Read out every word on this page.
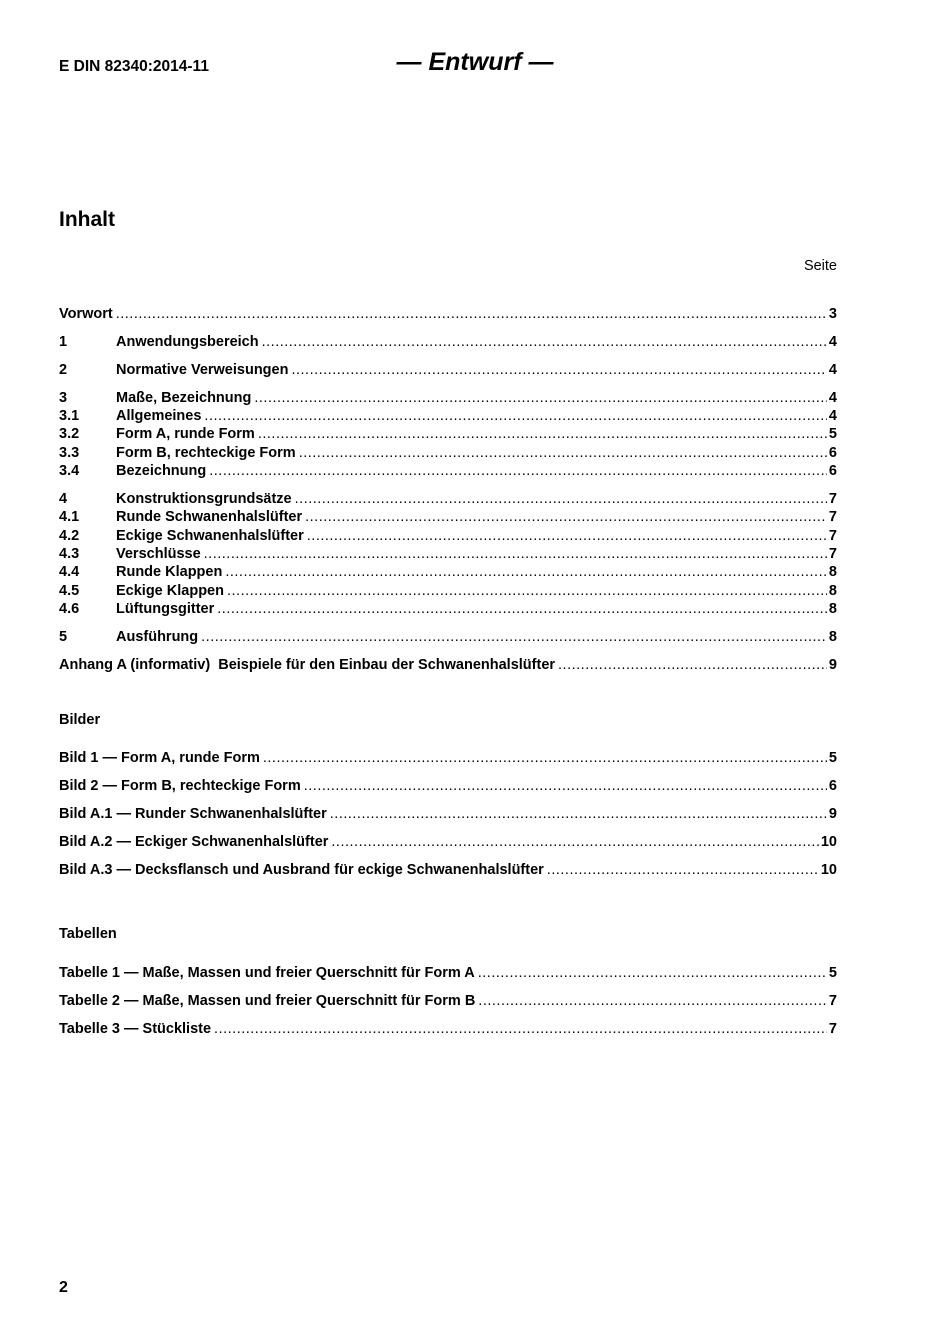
E DIN 82340:2014-11	— Entwurf —
Inhalt
Seite
Vorwort .....	3
1	Anwendungsbereich .....	4
2	Normative Verweisungen .....	4
3	Maße, Bezeichnung .....	4
3.1	Allgemeines .....	4
3.2	Form A, runde Form .....	5
3.3	Form B, rechteckige Form .....	6
3.4	Bezeichnung .....	6
4	Konstruktionsgrundsätze .....	7
4.1	Runde Schwanenhalslüfter .....	7
4.2	Eckige Schwanenhalslüfter .....	7
4.3	Verschlüsse .....	7
4.4	Runde Klappen .....	8
4.5	Eckige Klappen .....	8
4.6	Lüftungsgitter .....	8
5	Ausführung .....	8
Anhang A (informativ)  Beispiele für den Einbau der Schwanenhalslüfter .....	9
Bilder
Bild 1 — Form A, runde Form .....	5
Bild 2 — Form B, rechteckige Form .....	6
Bild A.1 — Runder Schwanenhalslüfter .....	9
Bild A.2 — Eckiger Schwanenhalslüfter .....	10
Bild A.3 — Decksflansch und Ausbrand für eckige Schwanenhalslüfter .....	10
Tabellen
Tabelle 1 — Maße, Massen und freier Querschnitt für Form A .....	5
Tabelle 2 — Maße, Massen und freier Querschnitt für Form B .....	7
Tabelle 3 — Stückliste .....	7
2
